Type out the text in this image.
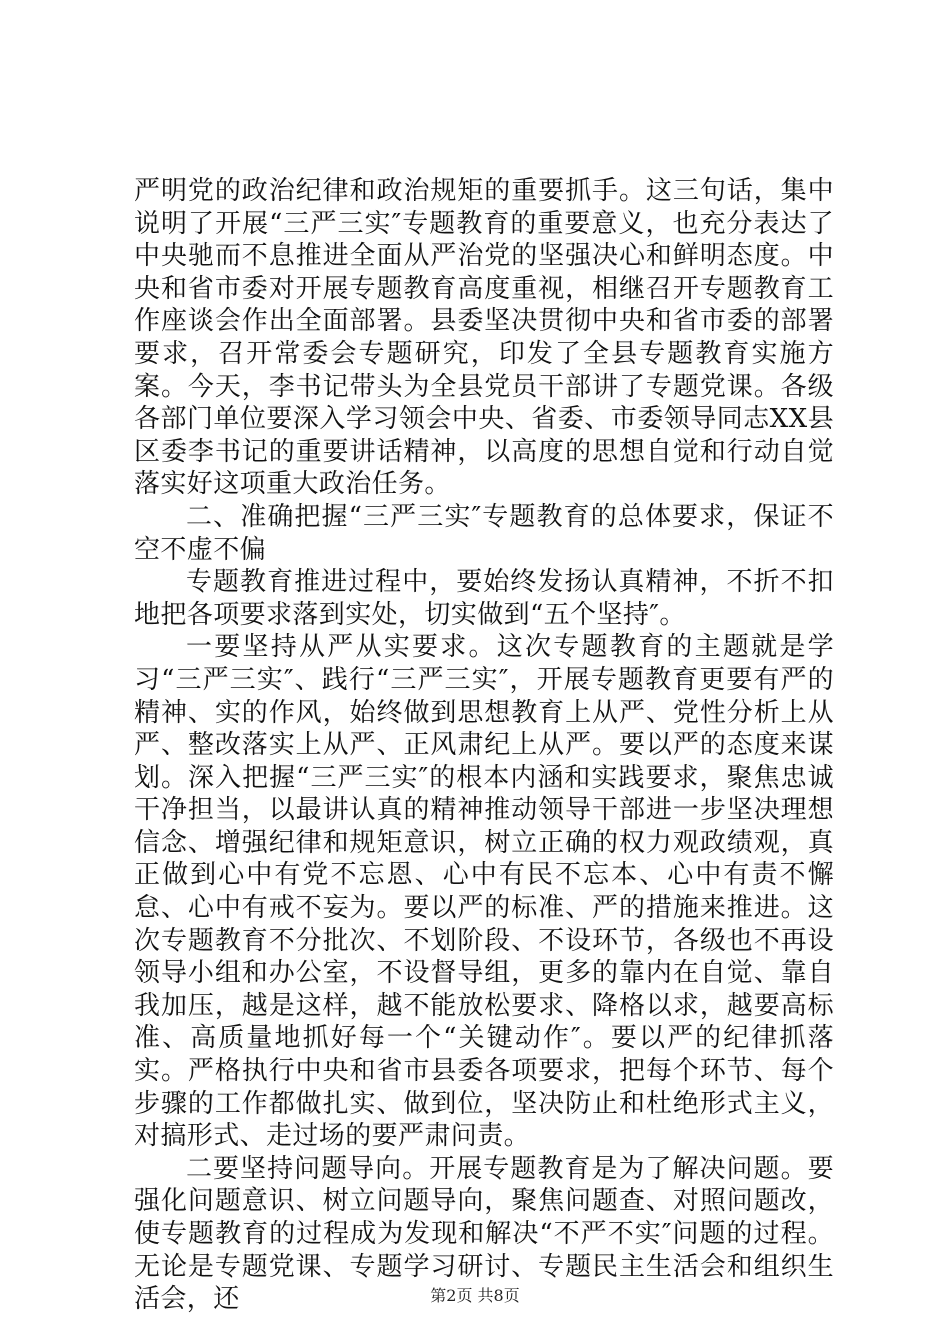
严明党的政治纪律和政治规矩的重要抓手。这三句话，集中说明了开展“三严三实″专题教育的重要意义，也充分表达了中央驰而不息推进全面从严治党的坚强决心和鲜明态度。中央和省市委对开展专题教育高度重视，相继召开专题教育工作座谈会作出全面部署。县委坚决贯彻中央和省市委的部署要求，召开常委会专题研究，印发了全县专题教育实施方案。今天，李书记带头为全县党员干部讲了专题党课。各级各部门单位要深入学习领会中央、省委、市委领导同志XX县区委李书记的重要讲话精神，以高度的思想自觉和行动自觉落实好这项重大政治任务。

二、准确把握“三严三实″专题教育的总体要求，保证不空不虚不偏

专题教育推进过程中，要始终发扬认真精神，不折不扣地把各项要求落到实处，切实做到“五个坚持″。

一要坚持从严从实要求。这次专题教育的主题就是学习“三严三实″、践行“三严三实″，开展专题教育更要有严的精神、实的作风，始终做到思想教育上从严、党性分析上从严、整改落实上从严、正风肃纪上从严。要以严的态度来谋划。深入把握“三严三实″的根本内涵和实践要求，聚焦忠诚干净担当，以最讲认真的精神推动领导干部进一步坚决理想信念、增强纪律和规矩意识，树立正确的权力观政绩观，真正做到心中有党不忘恩、心中有民不忘本、心中有责不懈怠、心中有戒不妄为。要以严的标准、严的措施来推进。这次专题教育不分批次、不划阶段、不设环节，各级也不再设领导小组和办公室，不设督导组，更多的靠内在自觉、靠自我加压，越是这样，越不能放松要求、降格以求，越要高标准、高质量地抓好每一个“关键动作″。要以严的纪律抓落实。严格执行中央和省市县委各项要求，把每个环节、每个步骤的工作都做扎实、做到位，坚决防止和杜绝形式主义，对搞形式、走过场的要严肃问责。

二要坚持问题导向。开展专题教育是为了解决问题。要强化问题意识、树立问题导向，聚焦问题查、对照问题改，使专题教育的过程成为发现和解决“不严不实″问题的过程。无论是专题党课、专题学习研讨、专题民主生活会和组织生活会，还	第2页 共8页
